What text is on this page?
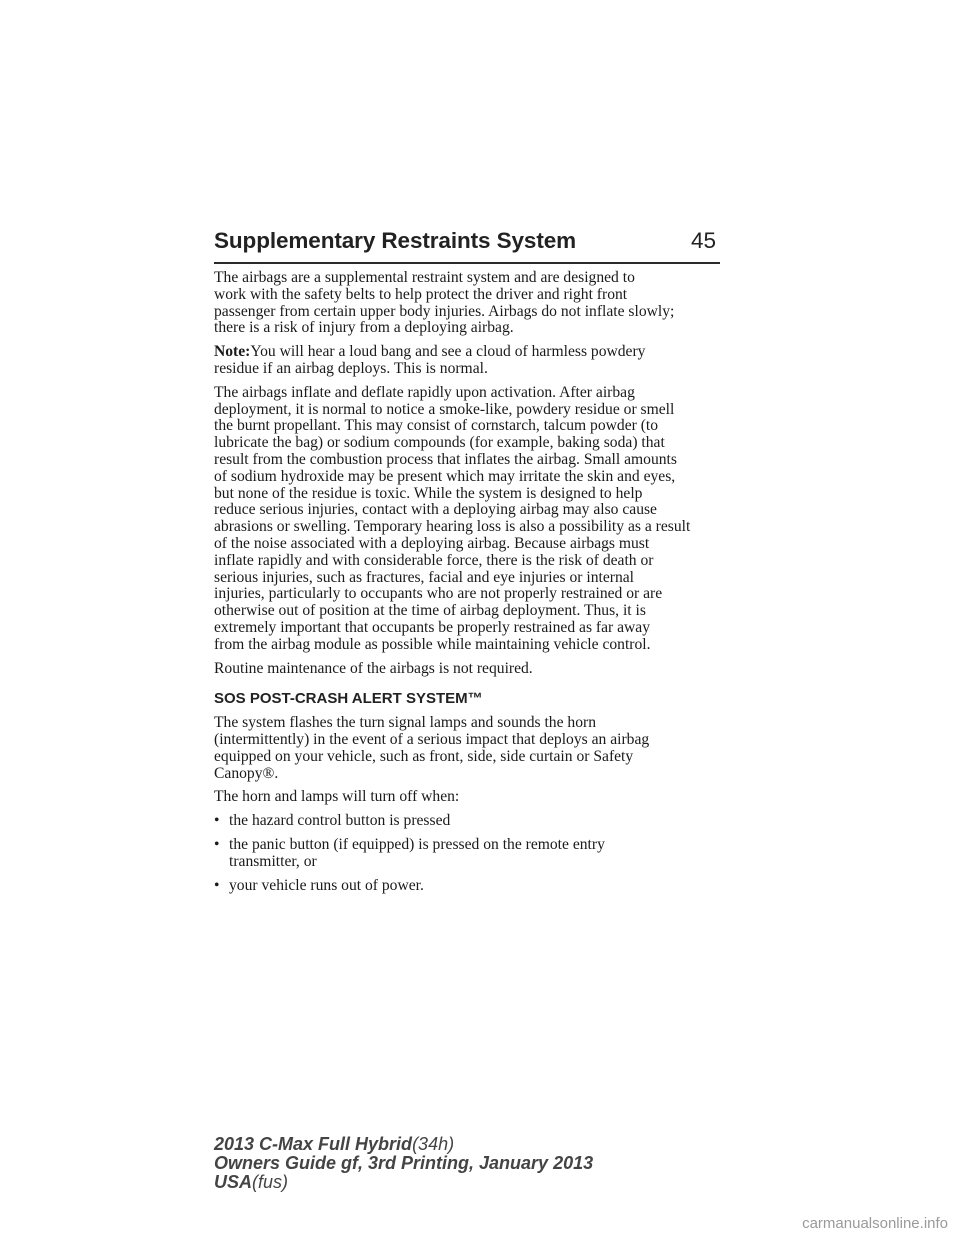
Supplementary Restraints System	45

The airbags are a supplemental restraint system and are designed to
work with the safety belts to help protect the driver and right front
passenger from certain upper body injuries. Airbags do not inflate slowly;
there is a risk of injury from a deploying airbag.

Note:You will hear a loud bang and see a cloud of harmless powdery
residue if an airbag deploys. This is normal.

The airbags inflate and deflate rapidly upon activation. After airbag
deployment, it is normal to notice a smoke-like, powdery residue or smell
the burnt propellant. This may consist of cornstarch, talcum powder (to
lubricate the bag) or sodium compounds (for example, baking soda) that
result from the combustion process that inflates the airbag. Small amounts
of sodium hydroxide may be present which may irritate the skin and eyes,
but none of the residue is toxic. While the system is designed to help
reduce serious injuries, contact with a deploying airbag may also cause
abrasions or swelling. Temporary hearing loss is also a possibility as a result
of the noise associated with a deploying airbag. Because airbags must
inflate rapidly and with considerable force, there is the risk of death or
serious injuries, such as fractures, facial and eye injuries or internal
injuries, particularly to occupants who are not properly restrained or are
otherwise out of position at the time of airbag deployment. Thus, it is
extremely important that occupants be properly restrained as far away
from the airbag module as possible while maintaining vehicle control.

Routine maintenance of the airbags is not required.

SOS POST-CRASH ALERT SYSTEM™

The system flashes the turn signal lamps and sounds the horn
(intermittently) in the event of a serious impact that deploys an airbag
equipped on your vehicle, such as front, side, side curtain or Safety
Canopy®.

The horn and lamps will turn off when:

• the hazard control button is pressed
• the panic button (if equipped) is pressed on the remote entry
transmitter, or
• your vehicle runs out of power.
2013 C-Max Full Hybrid(34h)
Owners Guide gf, 3rd Printing, January 2013
USA(fus)
carmanualsonline.info
